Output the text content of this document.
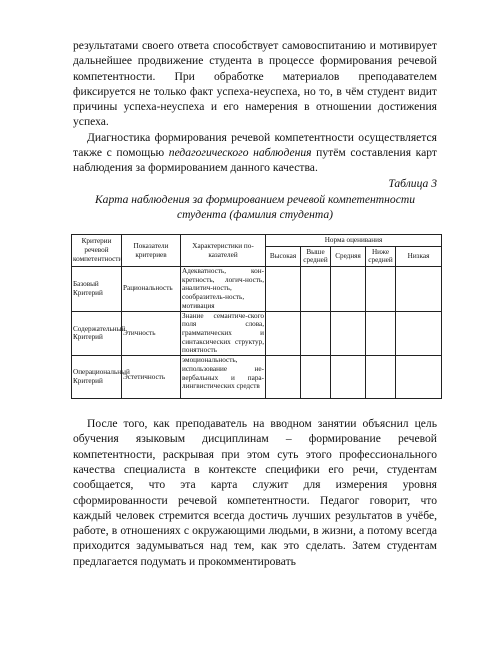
результатами своего ответа способствует самовоспитанию и мотивирует дальнейшее продвижение студента в процессе формирования речевой компетентности. При обработке материалов преподавателем фиксируется не только факт успеха-неуспеха, но то, в чём студент видит причины успеха-неуспеха и его намерения в отношении достижения успеха.

Диагностика формирования речевой компетентности осуществляется также с помощью педагогического наблюдения путём составления карт наблюдения за формированием данного качества.

Таблица 3

Карта наблюдения за формированием речевой компетентности студента (фамилия студента)

Критерии речевой компетентности	Показатели критериев	Характеристики по-казателей	Норма оценивания				
			Высокая	Выше средней	Средняя	Ниже средней	Низкая
Базовый Критерий	Рациональность	Адекватность, кон-кретность, логич-ность, аналитич-ность, сообразитель-ность, мотивация					
Содержательный Критерий	Этичность	Знание семантиче-ского поля слова, грамматических и синтаксических структур, понятность					
Операциональный Критерий	Эстетичность	эмоциональность, использование не-вербальных и пара-лингвистических средств					

После того, как преподаватель на вводном занятии объяснил цель обучения языковым дисциплинам – формирование речевой компетентности, раскрывая при этом суть этого профессионального качества специалиста в контексте специфики его речи, студентам сообщается, что эта карта служит для измерения уровня сформированности речевой компетентности. Педагог говорит, что каждый человек стремится всегда достичь лучших результатов в учёбе, работе, в отношениях с окружающими людьми, в жизни, а потому всегда приходится задумываться над тем, как это сделать. Затем студентам предлагается подумать и прокомментировать
